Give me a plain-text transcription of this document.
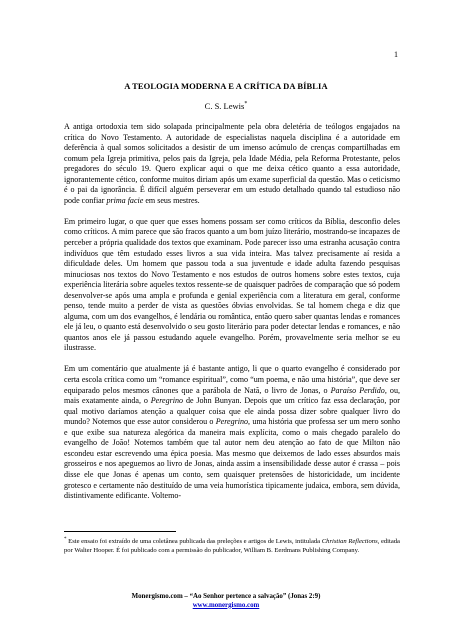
1
A TEOLOGIA MODERNA E A CRÍTICA DA BÍBLIA
C. S. Lewis*

A antiga ortodoxia tem sido solapada principalmente pela obra deletéria de teólogos engajados na crítica do Novo Testamento. A autoridade de especialistas naquela disciplina é a autoridade em deferência à qual somos solicitados a desistir de um imenso acúmulo de crenças compartilhadas em comum pela Igreja primitiva, pelos pais da Igreja, pela Idade Média, pela Reforma Protestante, pelos pregadores do século 19. Quero explicar aqui o que me deixa cético quanto a essa autoridade, ignorantemente cético, conforme muitos diriam após um exame superficial da questão. Mas o ceticismo é o pai da ignorância. É difícil alguém perseverar em um estudo detalhado quando tal estudioso não pode confiar prima facie em seus mestres.

Em primeiro lugar, o que quer que esses homens possam ser como críticos da Bíblia, desconfio deles como críticos. A mim parece que são fracos quanto a um bom juízo literário, mostrando-se incapazes de perceber a própria qualidade dos textos que examinam. Pode parecer isso uma estranha acusação contra indivíduos que têm estudado esses livros a sua vida inteira. Mas talvez precisamente aí resida a dificuldade deles. Um homem que passou toda a sua juventude e idade adulta fazendo pesquisas minuciosas nos textos do Novo Testamento e nos estudos de outros homens sobre estes textos, cuja experiência literária sobre aqueles textos ressente-se de quaisquer padrões de comparação que só podem desenvolver-se após uma ampla e profunda e genial experiência com a literatura em geral, conforme penso, tende muito a perder de vista as questões óbvias envolvidas. Se tal homem chega e diz que alguma, com um dos evangelhos, é lendária ou romântica, então quero saber quantas lendas e romances ele já leu, o quanto está desenvolvido o seu gosto literário para poder detectar lendas e romances, e não quantos anos ele já passou estudando aquele evangelho. Porém, provavelmente seria melhor se eu ilustrasse.

Em um comentário que atualmente já é bastante antigo, li que o quarto evangelho é considerado por certa escola crítica como um “romance espiritual”, como “um poema, e não uma história”, que deve ser equiparado pelos mesmos cânones que a parábola de Natã, o livro de Jonas, o Paraíso Perdido, ou, mais exatamente ainda, o Peregrino de John Bunyan. Depois que um crítico faz essa declaração, por qual motivo daríamos atenção a qualquer coisa que ele ainda possa dizer sobre qualquer livro do mundo? Notemos que esse autor considerou o Peregrino, uma história que professa ser um mero sonho e que exibe sua natureza alegórica da maneira mais explícita, como o mais chegado paralelo do evangelho de João! Notemos também que tal autor nem deu atenção ao fato de que Milton não escondeu estar escrevendo uma épica poesia. Mas mesmo que deixemos de lado esses absurdos mais grosseiros e nos apeguemos ao livro de Jonas, ainda assim a insensibilidade desse autor é crassa – pois disse ele que Jonas é apenas um conto, sem quaisquer pretensões de historicidade, um incidente grotesco e certamente não destituído de uma veia humorística tipicamente judaica, embora, sem dúvida, distintivamente edificante. Voltemo-

* Este ensaio foi extraído de uma coletânea publicada das preleções e artigos de Lewis, intitulada Christian Reflections, editada por Walter Hooper. É foi publicado com a permissão do publicador, William B. Eerdmans Publishing Company.
Monergismo.com – “Ao Senhor pertence a salvação” (Jonas 2:9)
www.monergismo.com
